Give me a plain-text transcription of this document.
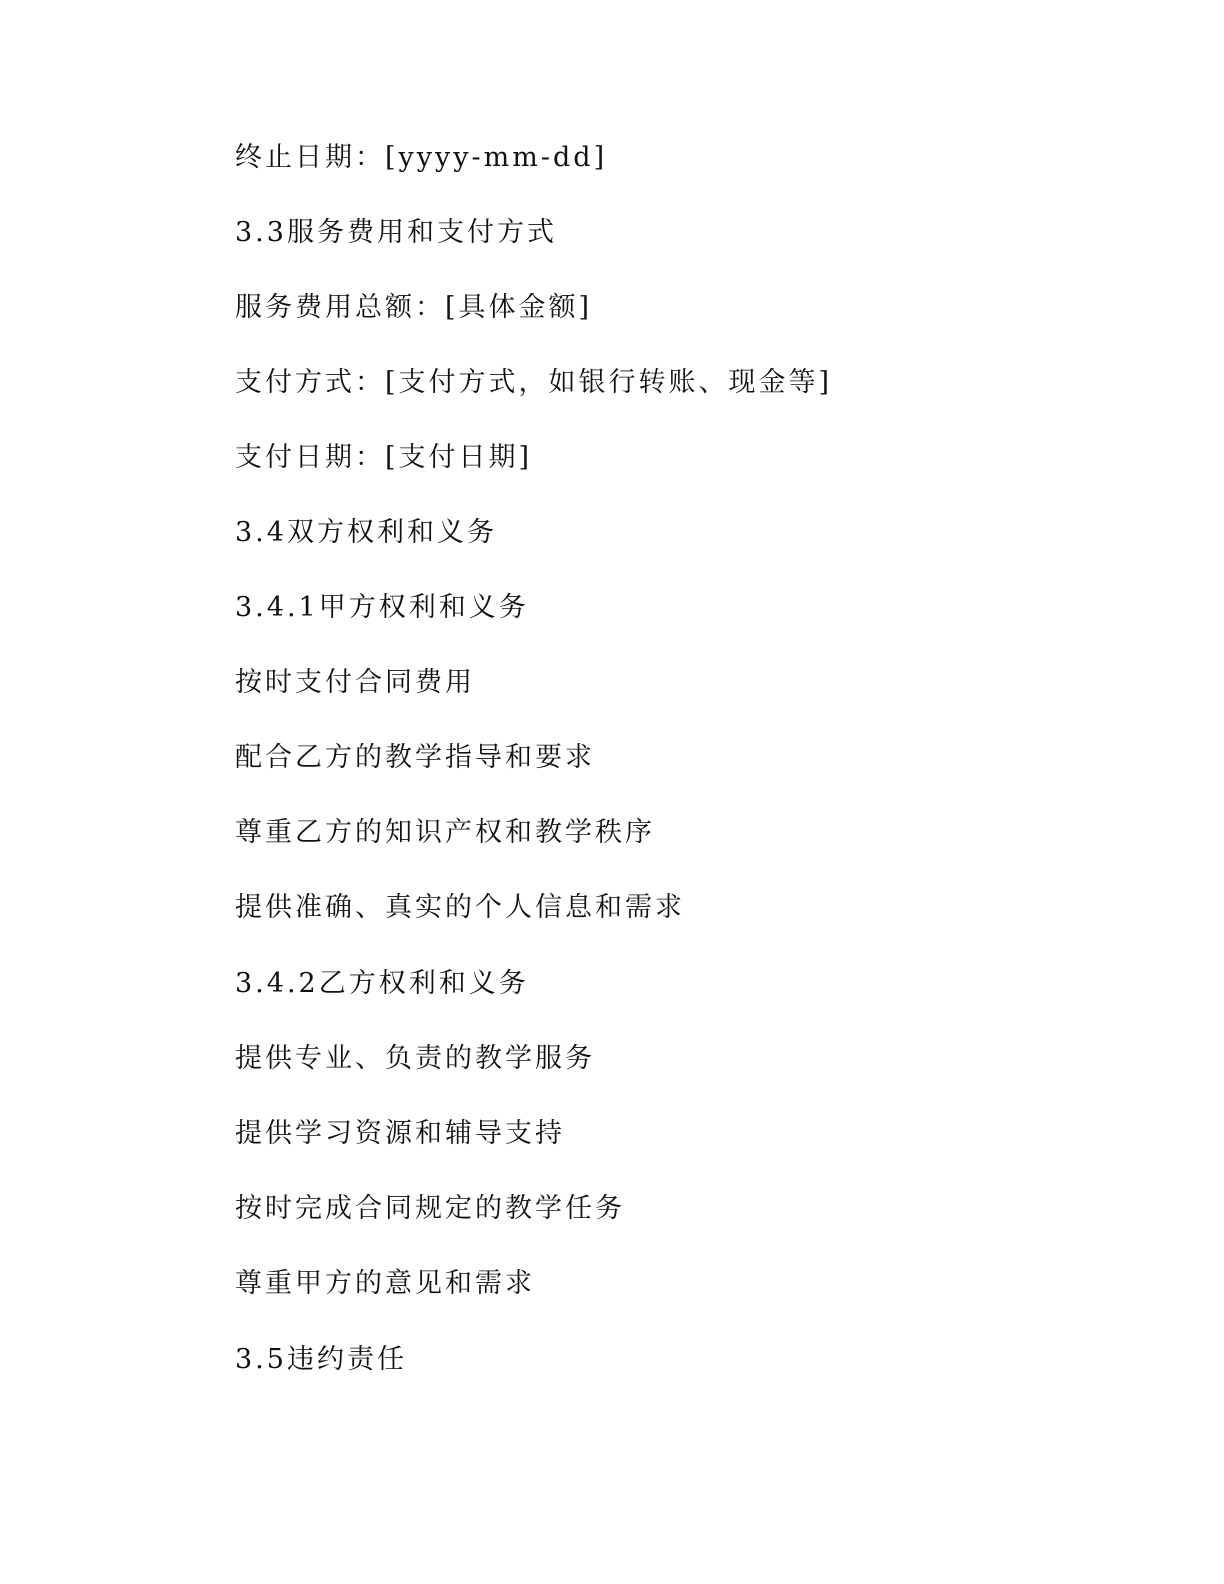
终止日期：[yyyy-mm-dd]

3.3服务费用和支付方式

服务费用总额：[具体金额]

支付方式：[支付方式，如银行转账、现金等]

支付日期：[支付日期]

3.4双方权利和义务

3.4.1甲方权利和义务

按时支付合同费用

配合乙方的教学指导和要求

尊重乙方的知识产权和教学秩序

提供准确、真实的个人信息和需求

3.4.2乙方权利和义务

提供专业、负责的教学服务

提供学习资源和辅导支持

按时完成合同规定的教学任务

尊重甲方的意见和需求

3.5违约责任
